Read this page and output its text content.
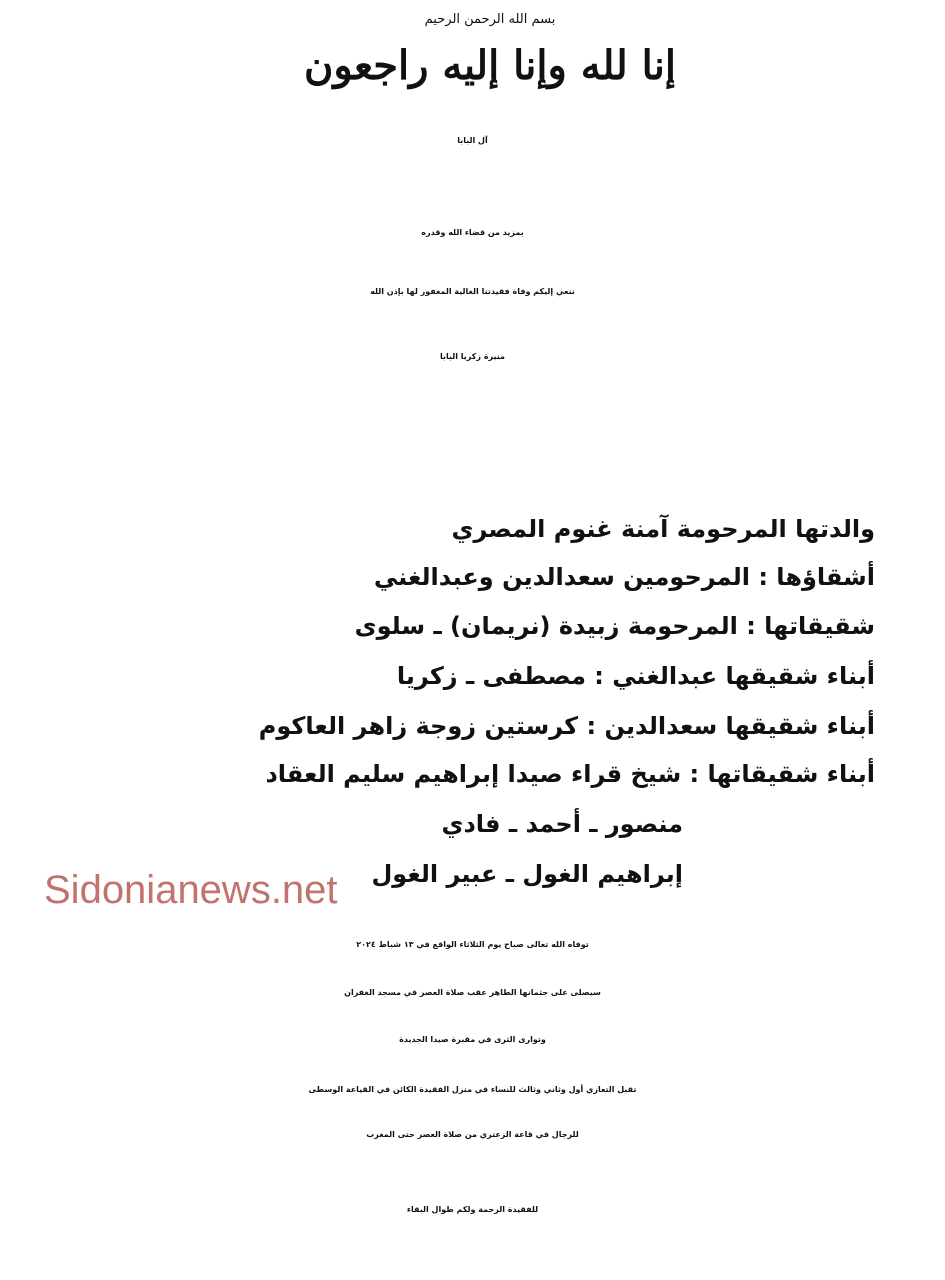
بسم الله الرحمن الرحيم

إنا لله وإنا إليه راجعون

آل البابا

بمزيد من قضاء الله وقدره

ننعي إليكم وفاة فقيدتنا الغالية المغفور لها بإذن الله

منيرة زكريا البابا

والدتها المرحومة آمنة غنوم المصري

أشقاؤها : المرحومين سعدالدين وعبدالغني

شقيقاتها : المرحومة زبيدة (نريمان) ـ سلوى

أبناء شقيقها عبدالغني : مصطفى ـ زكريا

أبناء شقيقها سعدالدين : كرستين زوجة زاهر العاكوم

أبناء شقيقاتها : شيخ قراء صيدا إبراهيم سليم العقاد

منصور ـ أحمد ـ فادي

إبراهيم الغول ـ عبير الغول

Sidonianews.net

توفاه الله تعالى صباح يوم الثلاثاء الواقع في ١٣ شباط ٢٠٢٤

سيصلى على جثمانها الطاهر عقب صلاة العصر في مسجد الغفران

وتوارى الثرى في مقبرة صيدا الجديدة

تقبل التعازي أول وثاني وثالث للنساء في منزل الفقيدة الكائن في القياعة الوسطى

للرجال في قاعة الزعتري من صلاة العصر حتى المغرب

للفقيدة الرحمة ولكم طوال البقاء
